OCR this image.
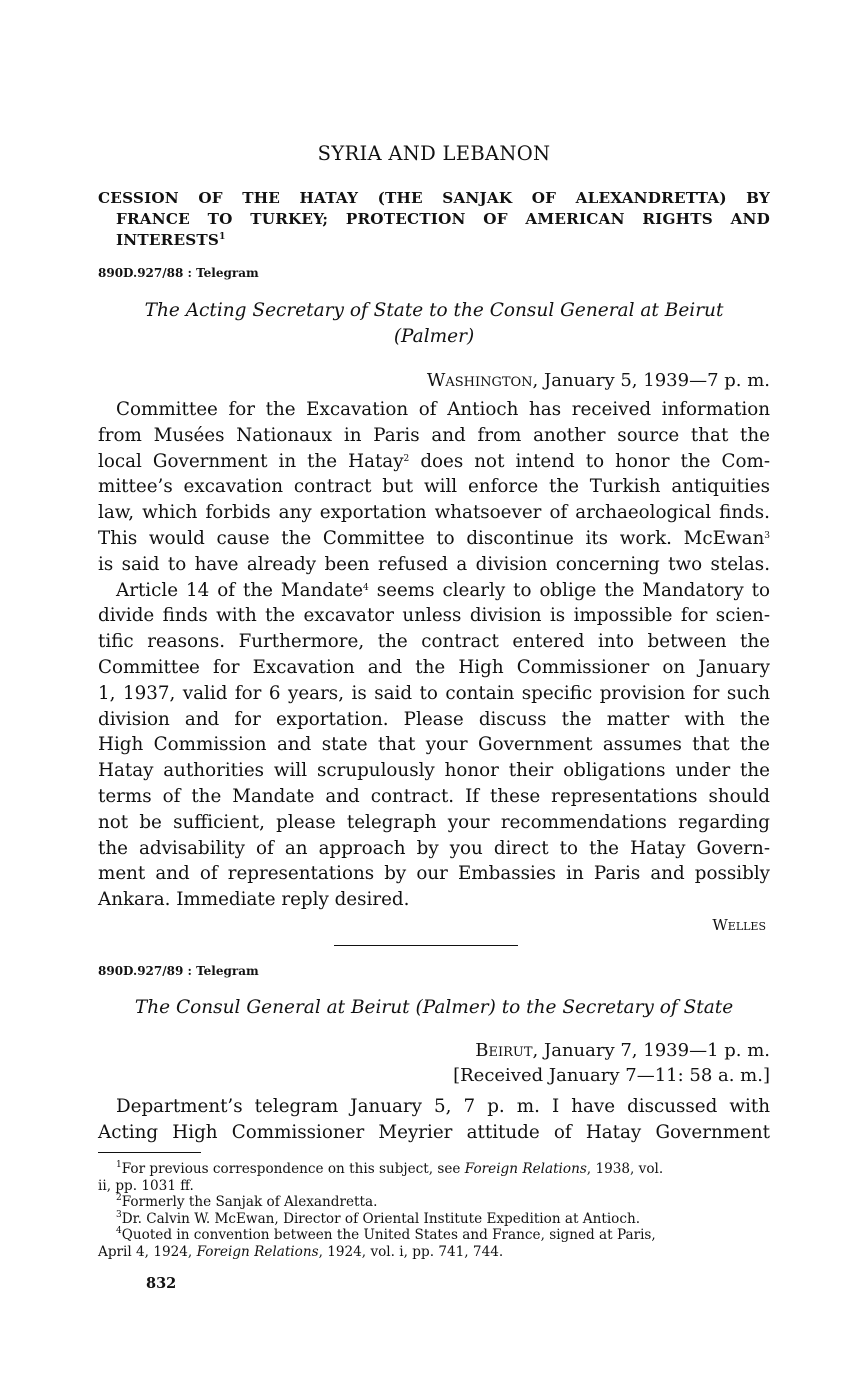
SYRIA AND LEBANON
CESSION OF THE HATAY (THE SANJAK OF ALEXANDRETTA) BY
FRANCE TO TURKEY; PROTECTION OF AMERICAN RIGHTS AND
INTERESTS$^1$
890D.927/88 : Telegram
The Acting Secretary of State to the Consul General at Beirut
(Palmer)
Washington, January 5, 1939—7 p. m.
Committee for the Excavation of Antioch has received information
from Musées Nationaux in Paris and from another source that the
local Government in the Hatay$^2$ does not intend to honor the Com-
mittee’s excavation contract but will enforce the Turkish antiquities
law, which forbids any exportation whatsoever of archaeological finds.
This would cause the Committee to discontinue its work. McEwan$^3$
is said to have already been refused a division concerning two stelas.
Article 14 of the Mandate$^4$ seems clearly to oblige the Mandatory to
divide finds with the excavator unless division is impossible for scien-
tific reasons. Furthermore, the contract entered into between the
Committee for Excavation and the High Commissioner on January
1, 1937, valid for 6 years, is said to contain specific provision for such
division and for exportation. Please discuss the matter with the
High Commission and state that your Government assumes that the
Hatay authorities will scrupulously honor their obligations under the
terms of the Mandate and contract. If these representations should
not be sufficient, please telegraph your recommendations regarding
the advisability of an approach by you direct to the Hatay Govern-
ment and of representations by our Embassies in Paris and possibly
Ankara. Immediate reply desired.
Welles
890D.927/89 : Telegram
The Consul General at Beirut (Palmer) to the Secretary of State
Beirut, January 7, 1939—1 p. m.
[Received January 7—11: 58 a. m.]
Department’s telegram January 5, 7 p. m. I have discussed with
Acting High Commissioner Meyrier attitude of Hatay Government
$^1$For previous correspondence on this subject, see Foreign Relations, 1938, vol.
ii, pp. 1031 ff.
$^2$Formerly the Sanjak of Alexandretta.
$^3$Dr. Calvin W. McEwan, Director of Oriental Institute Expedition at Antioch.
$^4$Quoted in convention between the United States and France, signed at Paris,
April 4, 1924, Foreign Relations, 1924, vol. i, pp. 741, 744.
832
